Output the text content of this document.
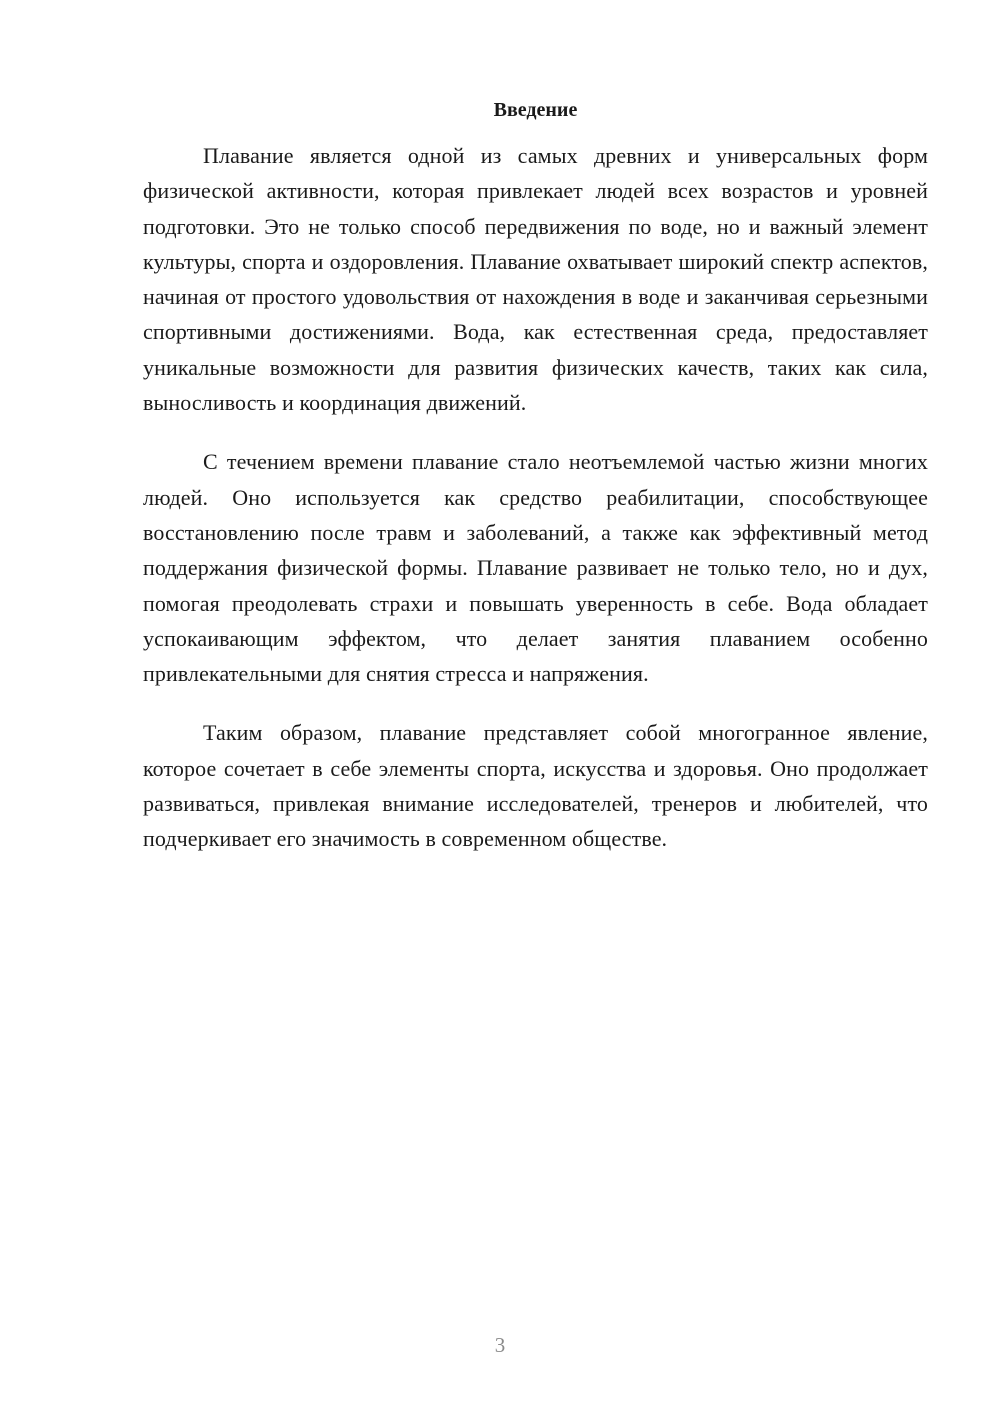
Введение

Плавание является одной из самых древних и универсальных форм физической активности, которая привлекает людей всех возрастов и уровней подготовки. Это не только способ передвижения по воде, но и важный элемент культуры, спорта и оздоровления. Плавание охватывает широкий спектр аспектов, начиная от простого удовольствия от нахождения в воде и заканчивая серьезными спортивными достижениями. Вода, как естественная среда, предоставляет уникальные возможности для развития физических качеств, таких как сила, выносливость и координация движений.

С течением времени плавание стало неотъемлемой частью жизни многих людей. Оно используется как средство реабилитации, способствующее восстановлению после травм и заболеваний, а также как эффективный метод поддержания физической формы. Плавание развивает не только тело, но и дух, помогая преодолевать страхи и повышать уверенность в себе. Вода обладает успокаивающим эффектом, что делает занятия плаванием особенно привлекательными для снятия стресса и напряжения.

Таким образом, плавание представляет собой многогранное явление, которое сочетает в себе элементы спорта, искусства и здоровья. Оно продолжает развиваться, привлекая внимание исследователей, тренеров и любителей, что подчеркивает его значимость в современном обществе.

3
